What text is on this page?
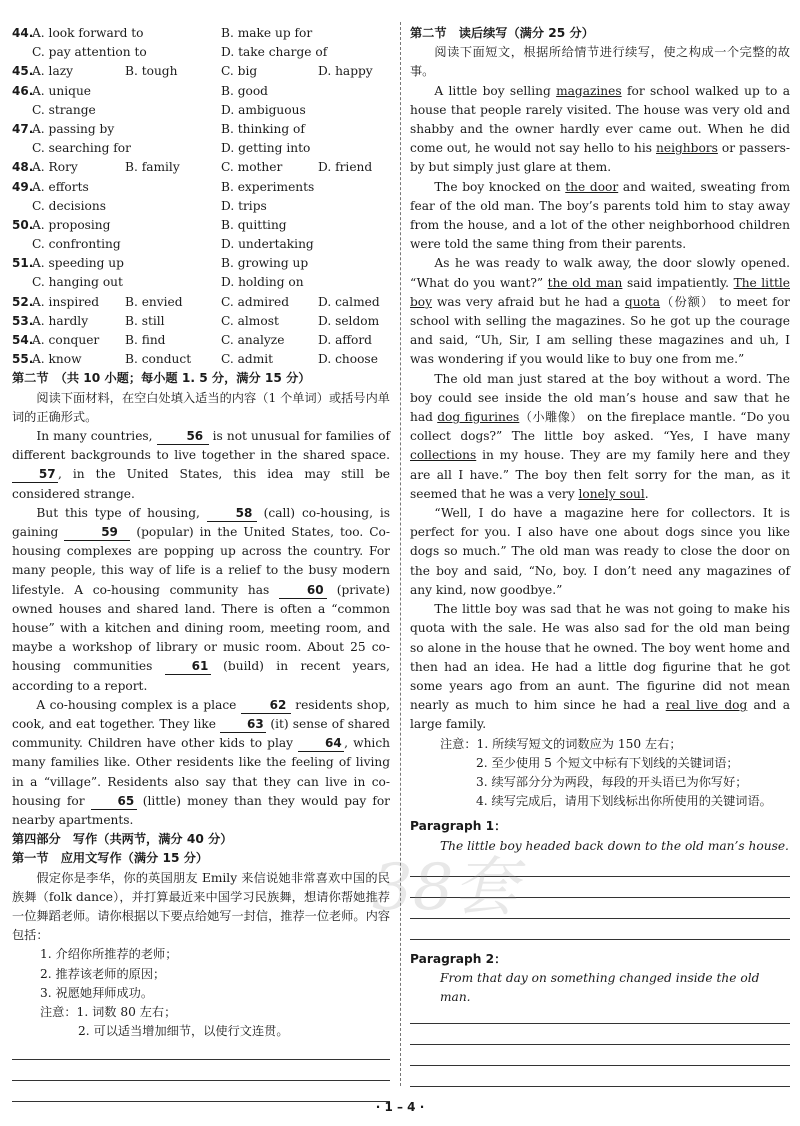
44.
A. look forward to	B. make up for
C. pay attention to	D. take charge of
45.
A. lazy	B. tough	C. big	D. happy
46.
A. unique	B. good
C. strange	D. ambiguous
47.
A. passing by	B. thinking of
C. searching for	D. getting into
48.
A. Rory	B. family	C. mother	D. friend
49.
A. efforts	B. experiments
C. decisions	D. trips
50.
A. proposing	B. quitting
C. confronting	D. undertaking
51.
A. speeding up	B. growing up
C. hanging out	D. holding on
52.
A. inspired B. envied	C. admired D. calmed
53.
A. hardly	B. still	C. almost	D. seldom
54.
A. conquer B. find	C. analyze	D. afford
55.
A. know	B. conduct C. admit	D. choose
第二节　（共 10 小题；每小题 1. 5 分，满分 15 分）

阅读下面材料，在空白处填入适当的内容（1 个单词）或括号内单词的正确形式。

In many countries, 56 is not unusual for families of different backgrounds to live together in the shared space. 57 , in the United States, this idea may still be considered strange.

But this type of housing, 58 (call) co-housing, is gaining	59 (popular) in the United States, too. Co-housing complexes are popping up across the country. For many people, this way of life is a relief to the busy modern lifestyle. A co-housing community has 60 (private) owned houses and shared land. There is often a “common house” with a kitchen and dining room, meeting room, and maybe a workshop of library or music room. About 25 co-housing communities 61 (build) in recent years, according to a report.

A co-housing complex is a place 62 residents shop, cook, and eat together. They like 63 (it) sense of shared community. Children have other kids to play 64 , which many families like. Other residents like the feeling of living in a “village”. Residents also say that they can live in co-housing for 65 (little) money than they would pay for nearby apartments.

第四部分　写作（共两节，满分 40 分）
第一节　应用文写作（满分 15 分）

假定你是李华，你的英国朋友 Emily 来信说她非常喜欢中国的民族舞（folk dance），并打算最近来中国学习民族舞，想请你帮她推荐一位舞蹈老师。请你根据以下要点给她写一封信，推荐一位老师。内容包括：

1. 介绍你所推荐的老师；
2. 推荐该老师的原因；
3. 祝愿她拜师成功。
注意：1. 词数 80 左右；
2. 可以适当增加细节，以使行文连贯。
第二节　读后续写（满分 25 分）

阅读下面短文，根据所给情节进行续写，使之构成一个完整的故事。

A little boy selling magazines for school walked up to a house that people rarely visited. The house was very old and shabby and the owner hardly ever came out. When he did come out, he would not say hello to his neighbors or passers-by but simply just glare at them.

The boy knocked on the door and waited, sweating from fear of the old man. The boy’s parents told him to stay away from the house, and a lot of the other neighborhood children were told the same thing from their parents.

As he was ready to walk away, the door slowly opened. “What do you want?” the old man said impatiently. The little boy was very afraid but he had a quota（份额） to meet for school with selling the magazines. So he got up the courage and said, “Uh, Sir, I am selling these magazines and uh, I was wondering if you would like to buy one from me.”

The old man just stared at the boy without a word. The boy could see inside the old man’s house and saw that he had dog figurines（小雕像） on the fireplace mantle. “Do you collect dogs?” The little boy asked. “Yes, I have many collections in my house. They are my family here and they are all I have.” The boy then felt sorry for the man, as it seemed that he was a very lonely soul.

“Well, I do have a magazine here for collectors. It is perfect for you. I also have one about dogs since you like dogs so much.” The old man was ready to close the door on the boy and said, “No, boy. I don’t need any magazines of any kind, now goodbye.”

The little boy was sad that he was not going to make his quota with the sale. He was also sad for the old man being so alone in the house that he owned. The boy went home and then had an idea. He had a little dog figurine that he got some years ago from an aunt. The figurine did not mean nearly as much to him since he had a real live dog and a large family.

注意：1. 所续写短文的词数应为 150 左右；
2. 至少使用 5 个短文中标有下划线的关键词语；
3. 续写部分分为两段，每段的开头语已为你写好；
4. 续写完成后，请用下划线标出你所使用的关键词语。
Paragraph 1：
The little boy headed back down to the old man’s house.
Paragraph 2：
From that day on something changed inside the old man.
38套
· 1 – 4 ·
